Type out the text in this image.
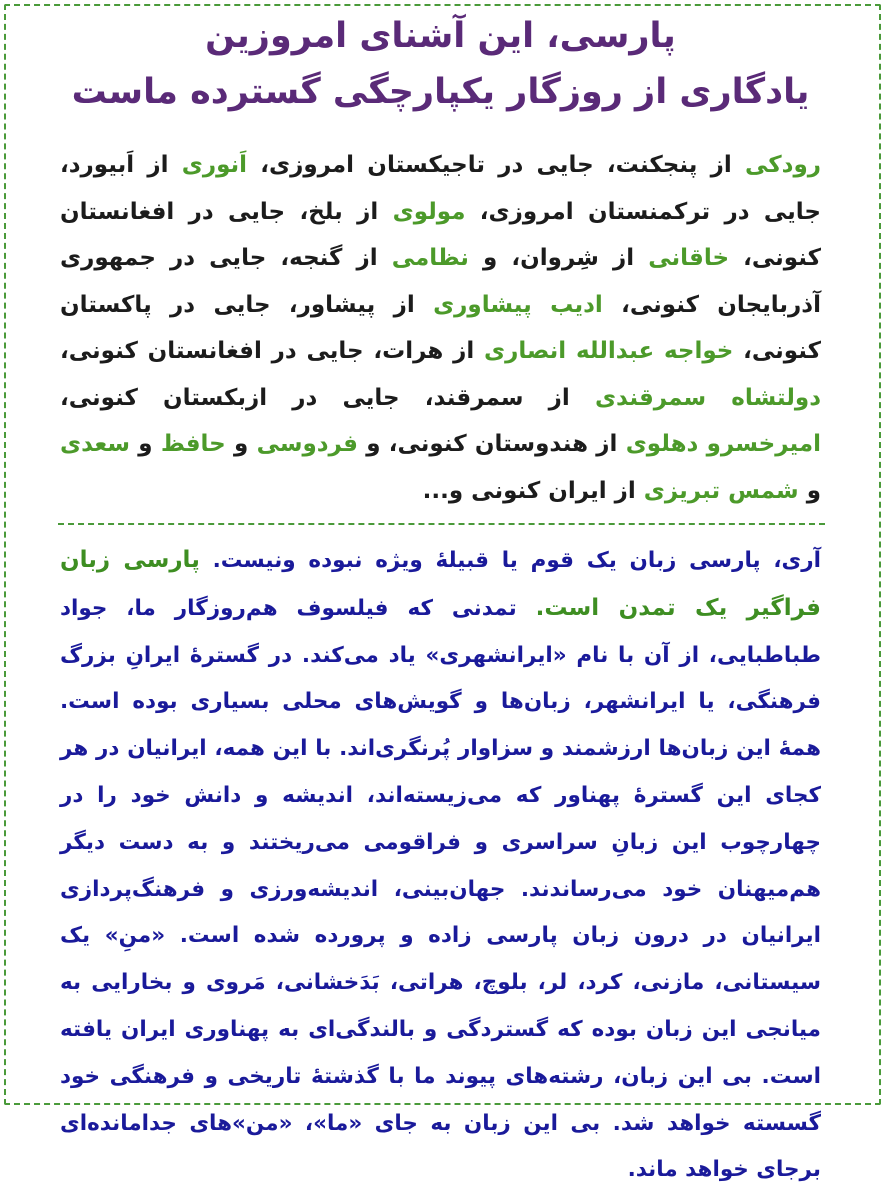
پارسی، این آشنای امروزین
یادگاری از روزگار یکپارچگی گسترده ماست
رودکی از پنجکنت، جایی در تاجیکستان امروزی، اَنوری از اَبیورد، جایی در ترکمنستان امروزی، مولوی از بلخ، جایی در افغانستان کنونی، خاقانی از شِروان، و نظامی از گنجه، جایی در جمهوری آذربایجان کنونی، ادیب پیشاوری از پیشاور، جایی در پاکستان کنونی، خواجه عبدالله انصاری از هرات، جایی در افغانستان کنونی، دولتشاه سمرقندی از سمرقند، جایی در ازبکستان کنونی، امیرخسرو دهلوی از هندوستان کنونی، و فردوسی و حافظ و سعدی و شمس تبریزی از ایران کنونی و...
آری، پارسی زبان یک قوم یا قبیلهٔ ویژه نبوده ونیست. پارسی زبان فراگیر یک تمدن است. تمدنی که فیلسوف هم‌روزگار ما، جواد طباطبایی، از آن با نام «ایرانشهری» یاد می‌کند. در گسترهٔ ایرانِ بزرگ فرهنگی، یا ایرانشهر، زبان‌ها و گویش‌های محلی بسیاری بوده است. همهٔ این زبان‌ها ارزشمند و سزاوار پُرنگری‌اند. با این همه، ایرانیان در هر کجای این گسترهٔ پهناور که می‌زیسته‌اند، اندیشه و دانش خود را در چهارچوب این زبانِ سراسری و فراقومی می‌ریختند و به دست دیگر هم‌میهنان خود می‌رساندند. جهان‌بینی، اندیشه‌ورزی و فرهنگ‌پردازی ایرانیان در درون زبان پارسی زاده و پرورده شده است. «منِ» یک سیستانی، مازنی، کرد، لر، بلوچ، هراتی، بَدَخشانی، مَروی و بخارایی به میانجی این زبان بوده که گستردگی و بالندگی‌ای به پهناوری ایران یافته است. بی این زبان، رشته‌های پیوند ما با گذشتهٔ تاریخی و فرهنگی خود گسسته خواهد شد. بی این زبان به جای «ما»، «من»های جدامانده‌ای برجای خواهد ماند.
